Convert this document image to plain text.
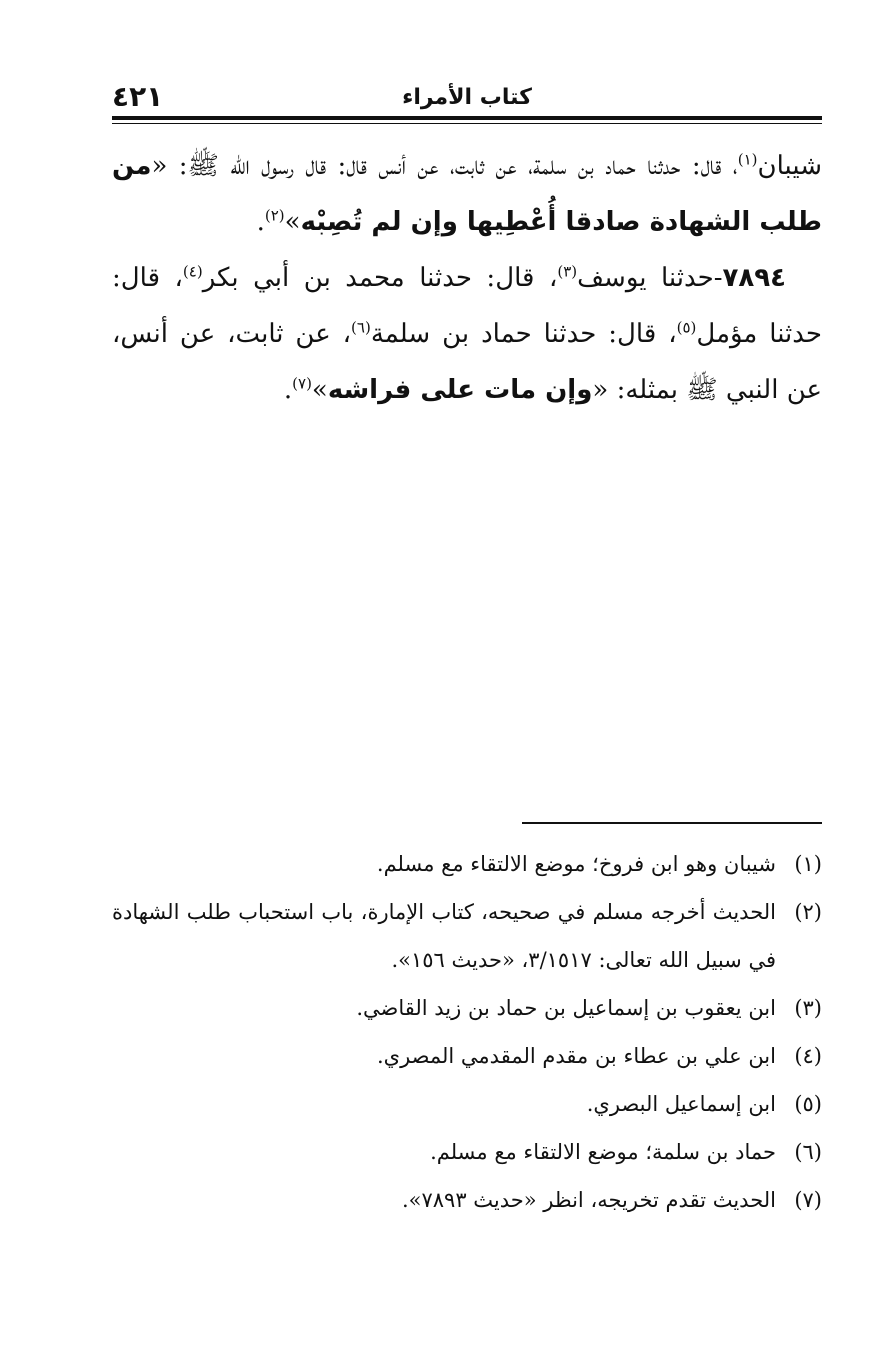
٤٢١	كتاب الأمراء

شيبان$^{(١)}$، قال: حدثنا حماد بن سلمة، عن ثابت، عن أنس قال: قال رسول الله ﷺ: «من طلب الشهادة صادقا أُعْطِيها وإن لم تُصِبْه»$^{(٢)}$.

٧٨٩٤-حدثنا يوسف$^{(٣)}$، قال: حدثنا محمد بن أبي بكر$^{(٤)}$، قال: حدثنا مؤمل$^{(٥)}$، قال: حدثنا حماد بن سلمة$^{(٦)}$، عن ثابت، عن أنس، عن النبي ﷺ بمثله: «وإن مات على فراشه»$^{(٧)}$.

(١)
شيبان وهو ابن فروخ؛ موضع الالتقاء مع مسلم.
(٢)
الحديث أخرجه مسلم في صحيحه، كتاب الإمارة، باب استحباب طلب الشهادة في سبيل الله تعالى: ٣/١٥١٧، «حديث ١٥٦».
(٣)
ابن يعقوب بن إسماعيل بن حماد بن زيد القاضي.
(٤)
ابن علي بن عطاء بن مقدم المقدمي المصري.
(٥)
ابن إسماعيل البصري.
(٦)
حماد بن سلمة؛ موضع الالتقاء مع مسلم.
(٧)
الحديث تقدم تخريجه، انظر «حديث ٧٨٩٣».
